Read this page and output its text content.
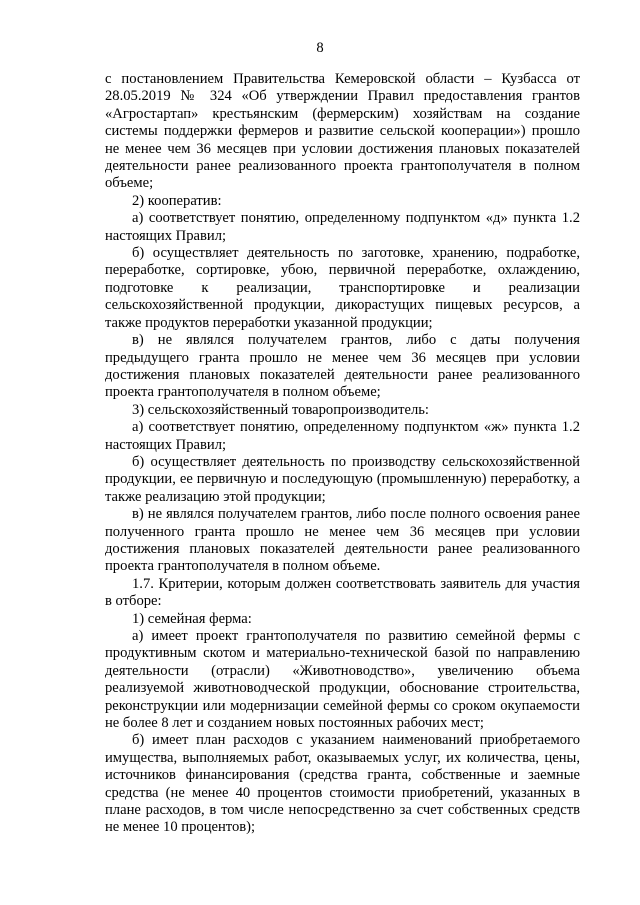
8

с постановлением Правительства Кемеровской области – Кузбасса от 28.05.2019 № 324 «Об утверждении Правил предоставления грантов «Агростартап» крестьянским (фермерским) хозяйствам на создание системы поддержки фермеров и развитие сельской кооперации») прошло не менее чем 36 месяцев при условии достижения плановых показателей деятельности ранее реализованного проекта грантополучателя в полном объеме;

2) кооператив:

а) соответствует понятию, определенному подпунктом «д» пункта 1.2 настоящих Правил;

б) осуществляет деятельность по заготовке, хранению, подработке, переработке, сортировке, убою, первичной переработке, охлаждению, подготовке к реализации, транспортировке и реализации сельскохозяйственной продукции, дикорастущих пищевых ресурсов, а также продуктов переработки указанной продукции;

в) не являлся получателем грантов, либо с даты получения предыдущего гранта прошло не менее чем 36 месяцев при условии достижения плановых показателей деятельности ранее реализованного проекта грантополучателя в полном объеме;

3) сельскохозяйственный товаропроизводитель:

а) соответствует понятию, определенному подпунктом «ж» пункта 1.2 настоящих Правил;

б) осуществляет деятельность по производству сельскохозяйственной продукции, ее первичную и последующую (промышленную) переработку, а также реализацию этой продукции;

в) не являлся получателем грантов, либо после полного освоения ранее полученного гранта прошло не менее чем 36 месяцев при условии достижения плановых показателей деятельности ранее реализованного проекта грантополучателя в полном объеме.

1.7. Критерии, которым должен соответствовать заявитель для участия в отборе:

1) семейная ферма:

а) имеет проект грантополучателя по развитию семейной фермы с продуктивным скотом и материально-технической базой по направлению деятельности (отрасли) «Животноводство», увеличению объема реализуемой животноводческой продукции, обоснование строительства, реконструкции или модернизации семейной фермы со сроком окупаемости не более 8 лет и созданием новых постоянных рабочих мест;

б) имеет план расходов с указанием наименований приобретаемого имущества, выполняемых работ, оказываемых услуг, их количества, цены, источников финансирования (средства гранта, собственные и заемные средства (не менее 40 процентов стоимости приобретений, указанных в плане расходов, в том числе непосредственно за счет собственных средств не менее 10 процентов);
